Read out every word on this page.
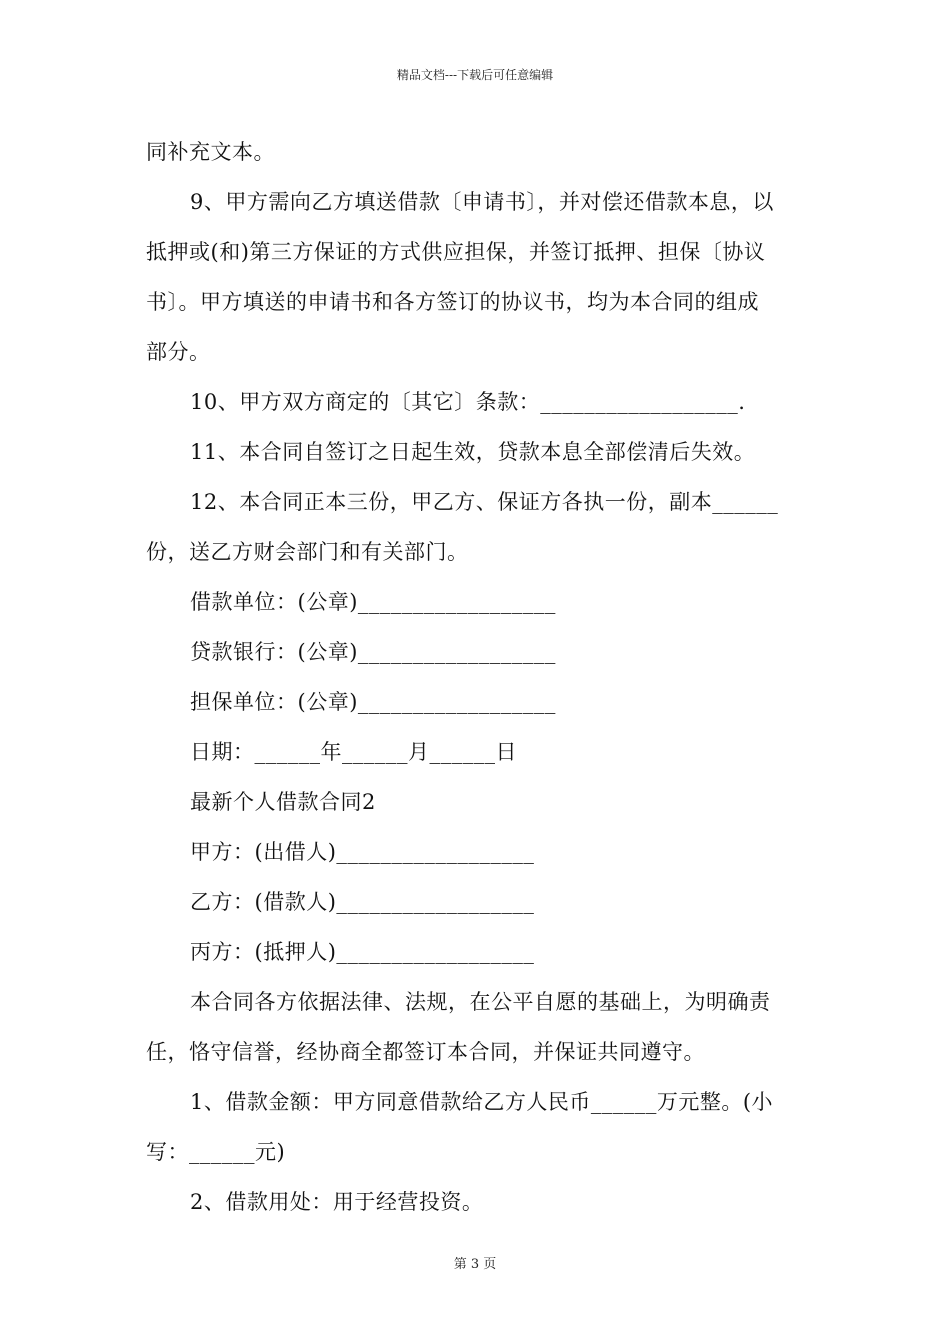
精品文档---下载后可任意编辑
同补充文本。
9、甲方需向乙方填送借款〔申请书〕，并对偿还借款本息，以
抵押或(和)第三方保证的方式供应担保，并签订抵押、担保〔协议
书〕。甲方填送的申请书和各方签订的协议书，均为本合同的组成
部分。
10、甲方双方商定的〔其它〕条款：__________________.
11、本合同自签订之日起生效，贷款本息全部偿清后失效。
12、本合同正本三份，甲乙方、保证方各执一份，副本______
份，送乙方财会部门和有关部门。
借款单位：(公章)__________________
贷款银行：(公章)__________________
担保单位：(公章)__________________
日期：______年______月______日
最新个人借款合同2
甲方：(出借人)__________________
乙方：(借款人)__________________
丙方：(抵押人)__________________
本合同各方依据法律、法规，在公平自愿的基础上，为明确责
任，恪守信誉，经协商全都签订本合同，并保证共同遵守。
1、借款金额：甲方同意借款给乙方人民币______万元整。(小
写：______元)
2、借款用处：用于经营投资。
第 3 页
